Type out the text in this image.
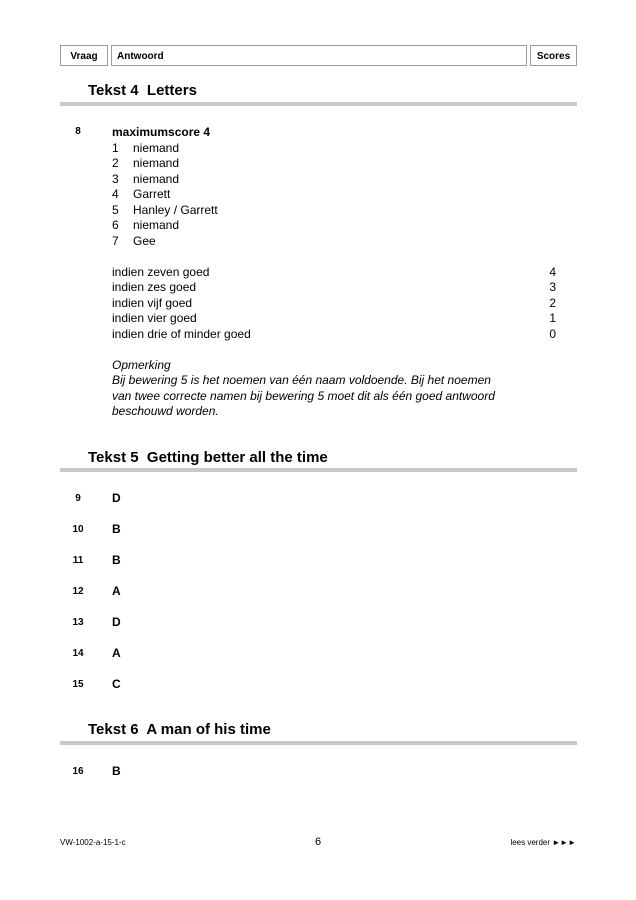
Vraag	Antwoord	Scores
Tekst 4  Letters
8	maximumscore 4
1 niemand
2 niemand
3 niemand
4 Garrett
5 Hanley / Garrett
6 niemand
7 Gee
indien zeven goed	4
indien zes goed	3
indien vijf goed	2
indien vier goed	1
indien drie of minder goed	0
Opmerking
Bij bewering 5 is het noemen van één naam voldoende. Bij het noemen
van twee correcte namen bij bewering 5 moet dit als één goed antwoord
beschouwd worden.
Tekst 5  Getting better all the time
9	D
10	B
11	B
12	A
13	D
14	A
15	C
Tekst 6  A man of his time
16	B
VW-1002-a-15-1-c	6	lees verder ►►►
